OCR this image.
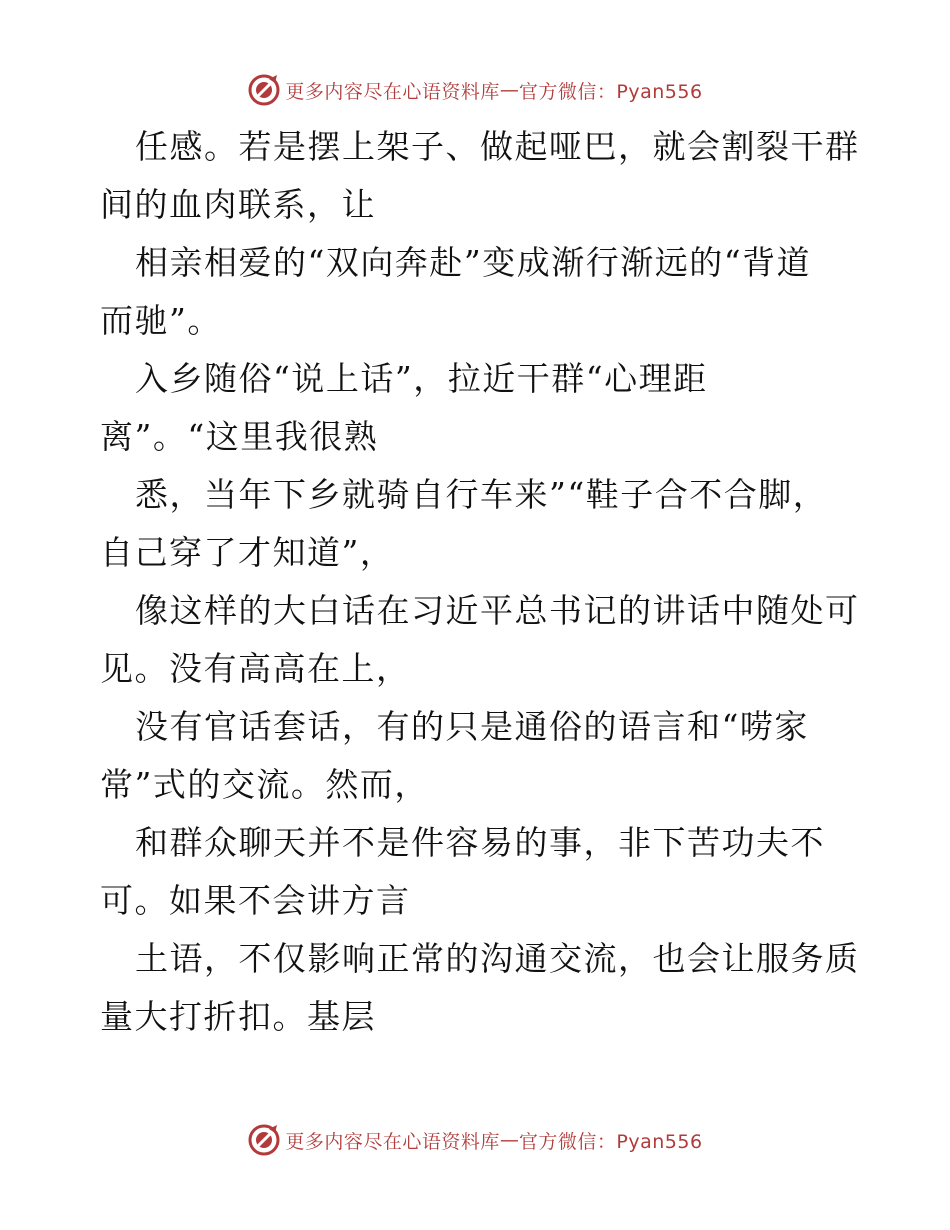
更多内容尽在心语资料库 — 官方微信：Pyan556
任感。若是摆上架子、做起哑巴，就会割裂干群
间的血肉联系，让
相亲相爱的“双向奔赴”变成渐行渐远的“背道
而驰”。
入乡随俗“说上话”，拉近干群“心理距
离”。“这里我很熟
悉，当年下乡就骑自行车来”“鞋子合不合脚，
自己穿了才知道”，
像这样的大白话在习近平总书记的讲话中随处可
见。没有高高在上，
没有官话套话，有的只是通俗的语言和“唠家
常”式的交流。然而，
和群众聊天并不是件容易的事，非下苦功夫不
可。如果不会讲方言
土语，不仅影响正常的沟通交流，也会让服务质
量大打折扣。基层
更多内容尽在心语资料库 — 官方微信：Pyan556
